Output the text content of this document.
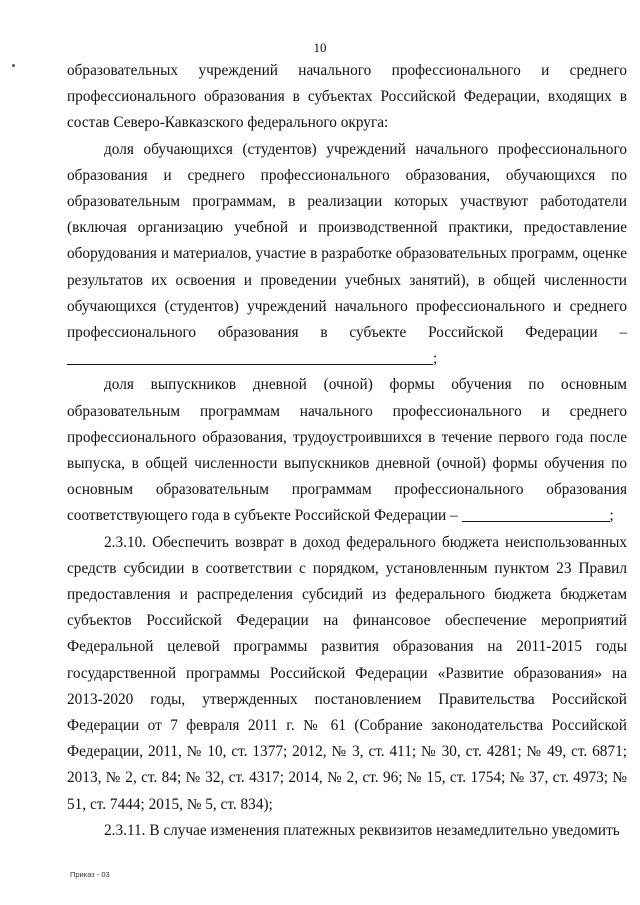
10

образовательных учреждений начального профессионального и среднего профессионального образования в субъектах Российской Федерации, входящих в состав Северо-Кавказского федерального округа:

доля обучающихся (студентов) учреждений начального профессионального образования и среднего профессионального образования, обучающихся по образовательным программам, в реализации которых участвуют работодатели (включая организацию учебной и производственной практики, предоставление оборудования и материалов, участие в разработке образовательных программ, оценке результатов их освоения и проведении учебных занятий), в общей численности обучающихся (студентов) учреждений начального профессионального и среднего профессионального образования в субъекте Российской Федерации – ;

доля выпускников дневной (очной) формы обучения по основным образовательным программам начального профессионального и среднего профессионального образования, трудоустроившихся в течение первого года после выпуска, в общей численности выпускников дневной (очной) формы обучения по основным образовательным программам профессионального образования соответствующего года в субъекте Российской Федерации –	;

2.3.10. Обеспечить возврат в доход федерального бюджета неиспользованных средств субсидии в соответствии с порядком, установленным пунктом 23 Правил предоставления и распределения субсидий из федерального бюджета бюджетам субъектов Российской Федерации на финансовое обеспечение мероприятий Федеральной целевой программы развития образования на 2011-2015 годы государственной программы Российской Федерации «Развитие образования» на 2013-2020 годы, утвержденных постановлением Правительства Российской Федерации от 7 февраля 2011 г. № 61 (Собрание законодательства Российской Федерации, 2011, № 10, ст. 1377; 2012, № 3, ст. 411; № 30, ст. 4281; № 49, ст. 6871; 2013, № 2, ст. 84; № 32, ст. 4317; 2014, № 2, ст. 96; № 15, ст. 1754; № 37, ст. 4973; № 51, ст. 7444; 2015, № 5, ст. 834);

2.3.11. В случае изменения платежных реквизитов незамедлительно уведомить

Приказ - 03
